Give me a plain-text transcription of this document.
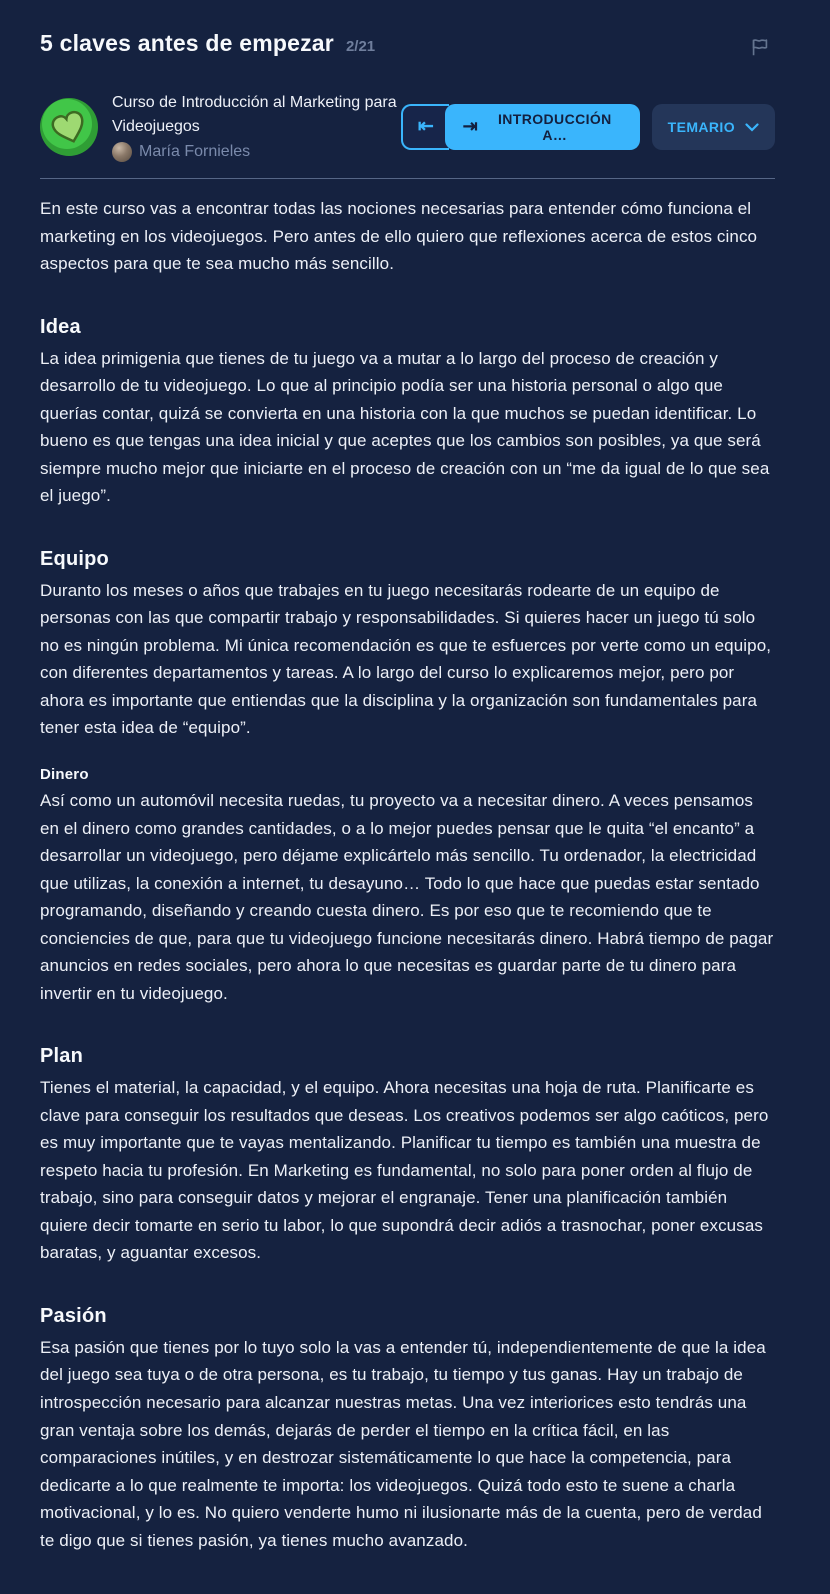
5 claves antes de empezar 2/21
Curso de Introducción al Marketing para Videojuegos
María Fornieles
⇤ ⇥	INTRODUCCIÓN A…	TEMARIO

En este curso vas a encontrar todas las nociones necesarias para entender cómo funciona el marketing en los videojuegos. Pero antes de ello quiero que reflexiones acerca de estos cinco aspectos para que te sea mucho más sencillo.

Idea

La idea primigenia que tienes de tu juego va a mutar a lo largo del proceso de creación y desarrollo de tu videojuego. Lo que al principio podía ser una historia personal o algo que querías contar, quizá se convierta en una historia con la que muchos se puedan identificar. Lo bueno es que tengas una idea inicial y que aceptes que los cambios son posibles, ya que será siempre mucho mejor que iniciarte en el proceso de creación con un “me da igual de lo que sea el juego”.

Equipo

Duranto los meses o años que trabajes en tu juego necesitarás rodearte de un equipo de personas con las que compartir trabajo y responsabilidades. Si quieres hacer un juego tú solo no es ningún problema. Mi única recomendación es que te esfuerces por verte como un equipo, con diferentes departamentos y tareas. A lo largo del curso lo explicaremos mejor, pero por ahora es importante que entiendas que la disciplina y la organización son fundamentales para tener esta idea de “equipo”.

Dinero

Así como un automóvil necesita ruedas, tu proyecto va a necesitar dinero. A veces pensamos en el dinero como grandes cantidades, o a lo mejor puedes pensar que le quita “el encanto” a desarrollar un videojuego, pero déjame explicártelo más sencillo. Tu ordenador, la electricidad que utilizas, la conexión a internet, tu desayuno… Todo lo que hace que puedas estar sentado programando, diseñando y creando cuesta dinero. Es por eso que te recomiendo que te conciencies de que, para que tu videojuego funcione necesitarás dinero. Habrá tiempo de pagar anuncios en redes sociales, pero ahora lo que necesitas es guardar parte de tu dinero para invertir en tu videojuego.

Plan

Tienes el material, la capacidad, y el equipo. Ahora necesitas una hoja de ruta. Planificarte es clave para conseguir los resultados que deseas. Los creativos podemos ser algo caóticos, pero es muy importante que te vayas mentalizando. Planificar tu tiempo es también una muestra de respeto hacia tu profesión. En Marketing es fundamental, no solo para poner orden al flujo de trabajo, sino para conseguir datos y mejorar el engranaje. Tener una planificación también quiere decir tomarte en serio tu labor, lo que supondrá decir adiós a trasnochar, poner excusas baratas, y aguantar excesos.

Pasión

Esa pasión que tienes por lo tuyo solo la vas a entender tú, independientemente de que la idea del juego sea tuya o de otra persona, es tu trabajo, tu tiempo y tus ganas. Hay un trabajo de introspección necesario para alcanzar nuestras metas. Una vez interiorices esto tendrás una gran ventaja sobre los demás, dejarás de perder el tiempo en la crítica fácil, en las comparaciones inútiles, y en destrozar sistemáticamente lo que hace la competencia, para dedicarte a lo que realmente te importa: los videojuegos. Quizá todo esto te suene a charla motivacional, y lo es. No quiero venderte humo ni ilusionarte más de la cuenta, pero de verdad te digo que si tienes pasión, ya tienes mucho avanzado.
